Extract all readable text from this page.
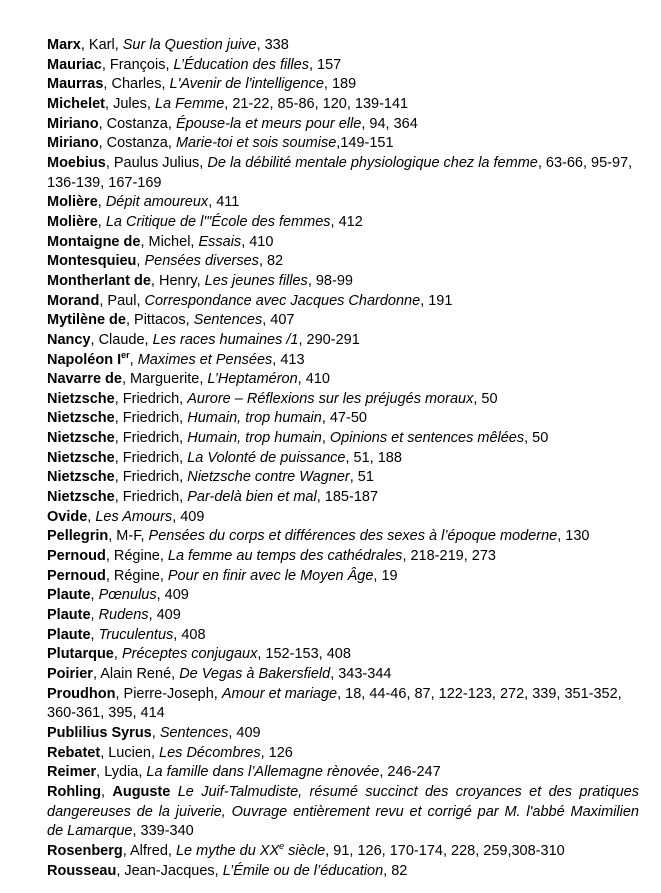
Marx, Karl, Sur la Question juive, 338

Mauriac, François, L’Éducation des filles, 157

Maurras, Charles, L'Avenir de l'intelligence, 189

Michelet, Jules, La Femme, 21-22, 85-86, 120, 139-141

Miriano, Costanza, Épouse-la et meurs pour elle, 94, 364

Miriano, Costanza, Marie-toi et sois soumise,149-151

Moebius, Paulus Julius, De la débilité mentale physiologique chez la femme, 63-66, 95-97,
136-139, 167-169

Molière, Dépit amoureux, 411

Molière, La Critique de l'"École des femmes, 412

Montaigne de, Michel, Essais, 410

Montesquieu, Pensées diverses, 82

Montherlant de, Henry, Les jeunes filles, 98-99

Morand, Paul, Correspondance avec Jacques Chardonne, 191

Mytilène de, Pittacos, Sentences, 407

Nancy, Claude, Les races humaines /1, 290-291

Napoléon Ier, Maximes et Pensées, 413

Navarre de, Marguerite, L’Heptaméron, 410

Nietzsche, Friedrich, Aurore – Réflexions sur les préjugés moraux, 50

Nietzsche, Friedrich, Humain, trop humain, 47-50

Nietzsche, Friedrich, Humain, trop humain, Opinions et sentences mêlées, 50

Nietzsche, Friedrich, La Volonté de puissance, 51, 188

Nietzsche, Friedrich, Nietzsche contre Wagner, 51

Nietzsche, Friedrich, Par-delà bien et mal, 185-187

Ovide, Les Amours, 409

Pellegrin, M-F, Pensées du corps et différences des sexes à l’époque moderne, 130

Pernoud, Régine, La femme au temps des cathédrales, 218-219, 273

Pernoud, Régine, Pour en finir avec le Moyen Âge, 19

Plaute, Pœnulus, 409

Plaute, Rudens, 409

Plaute, Truculentus, 408

Plutarque, Préceptes conjugaux, 152-153, 408

Poirier, Alain René, De Vegas à Bakersfield, 343-344

Proudhon, Pierre-Joseph, Amour et mariage, 18, 44-46, 87, 122-123, 272, 339, 351-352,
360-361, 395, 414

Publilius Syrus, Sentences, 409

Rebatet, Lucien, Les Décombres, 126

Reimer, Lydia, La famille dans l’Allemagne rènovée, 246-247

Rohling, Auguste Le Juif-Talmudiste, résumé succinct des croyances et des pratiques
dangereuses de la juiverie, Ouvrage entièrement revu et corrigé par M. l'abbé Maximilien
de Lamarque, 339-340

Rosenberg, Alfred, Le mythe du XXe siècle, 91, 126, 170-174, 228, 259,308-310

Rousseau, Jean-Jacques, L’Émile ou de l’éducation, 82
